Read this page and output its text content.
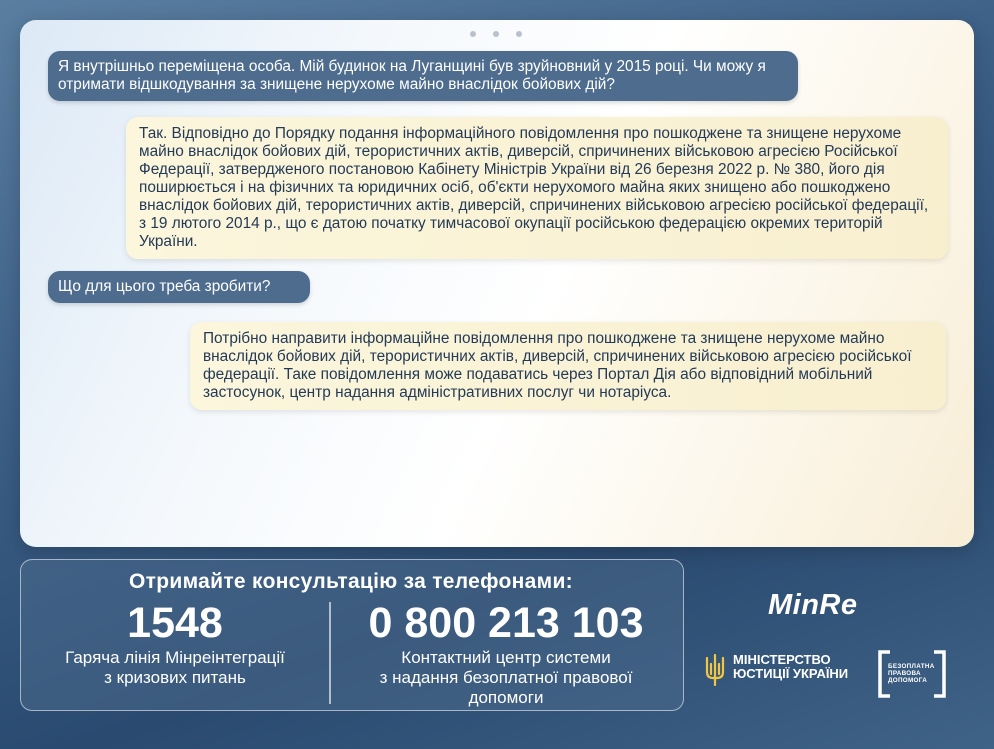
Я внутрішньо переміщена особа. Мій будинок на Луганщині був зруйновний у 2015 році. Чи можу я отримати відшкодування за знищене нерухоме майно внаслідок бойових дій?
Так. Відповідно до Порядку подання інформаційного повідомлення про пошкоджене та знищене нерухоме майно внаслідок бойових дій, терористичних актів, диверсій, спричинених військовою агресією Російської Федерації, затвердженого постановою Кабінету Міністрів України від 26 березня 2022 р. № 380, його дія поширюється і на фізичних та юридичних осіб, об'єкти нерухомого майна яких знищено або пошкоджено внаслідок бойових дій, терористичних актів, диверсій, спричинених військовою агресією російської федерації, з 19 лютого 2014 р., що є датою початку тимчасової окупації російською федерацією окремих територій України.
Що для цього треба зробити?
Потрібно направити інформаційне повідомлення про пошкоджене та знищене нерухоме майно внаслідок бойових дій, терористичних актів, диверсій, спричинених військовою агресією російської федерації. Таке повідомлення може подаватись через Портал Дія або відповідний мобільний застосунок, центр надання адміністративних послуг чи нотаріуса.
Отримайте консультацію за телефонами:
1548
Гаряча лінія Мінреінтеграції
з кризових питань
0 800 213 103
Контактний центр системи
з надання безоплатної правової
допомоги
MinRe
МІНІСТЕРСТВО
ЮСТИЦІЇ УКРАЇНИ	БЕЗОПЛАТНА
ПРАВОВА
ДОПОМОГА
